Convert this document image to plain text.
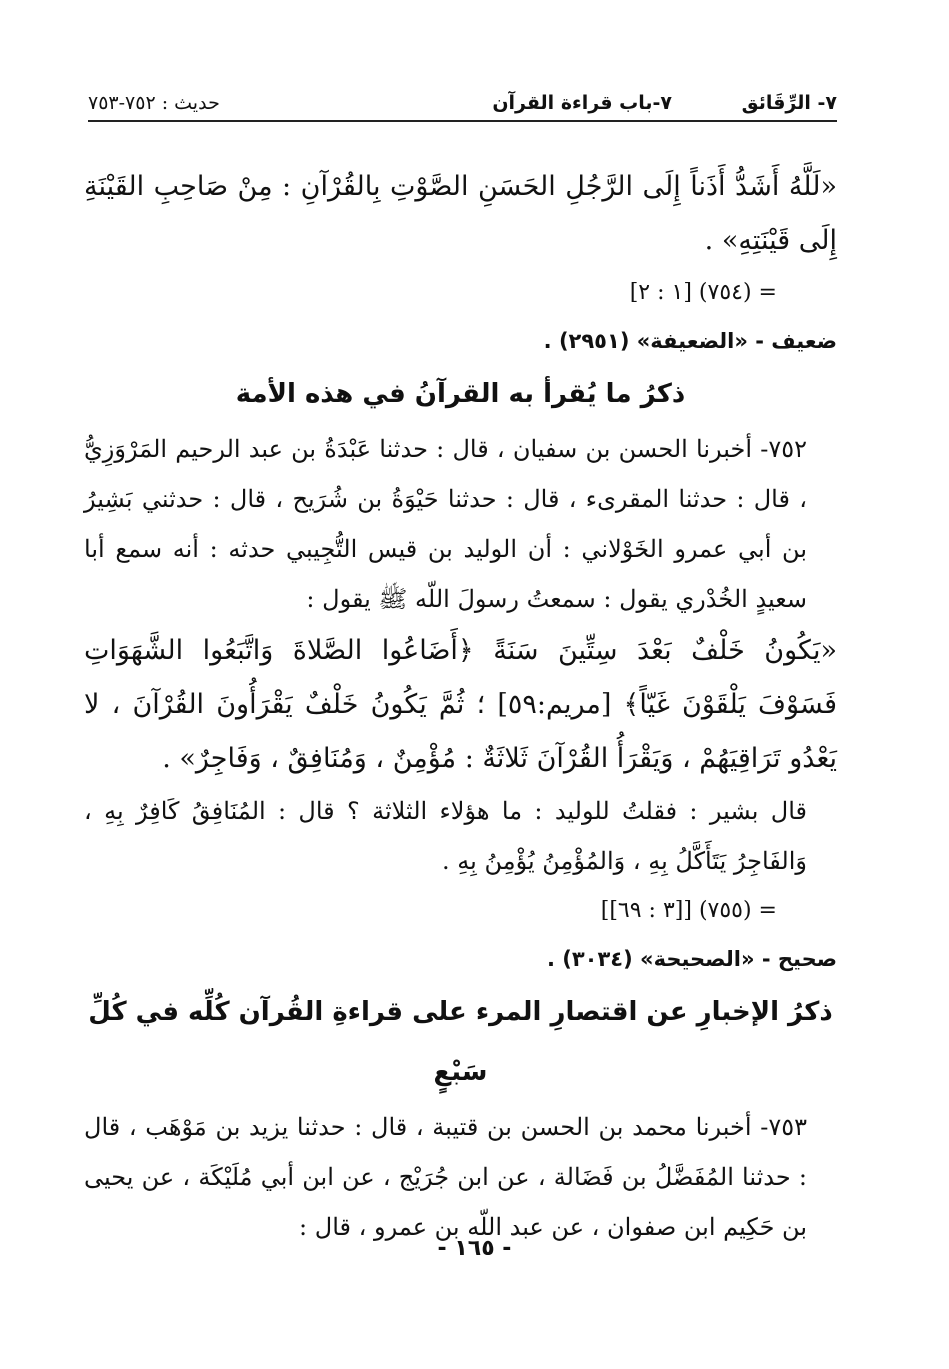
٧- الرِّقَائق
٧-باب قراءة القرآن
حديث : ٧٥٢-٧٥٣

«لَلَّهُ أَشَدُّ أَذَناً إِلَى الرَّجُلِ الحَسَنِ الصَّوْتِ بِالقُرْآنِ : مِنْ صَاحِبِ القَيْنَةِ إِلَى قَيْنَتِهِ» .

= (٧٥٤) [١ : ٢]

ضعيف - «الضعيفة» (٢٩٥١) .

ذكرُ ما يُقرأ به القرآنُ في هذه الأمة

٧٥٢- أخبرنا الحسن بن سفيان ، قال : حدثنا عَبْدَةُ بن عبد الرحيم المَرْوَزِيُّ ، قال : حدثنا المقرىء ، قال : حدثنا حَيْوَةُ بن شُرَيح ، قال : حدثني بَشِيرُ بن أبي عمرو الخَوْلاني : أن الوليد بن قيس التُّجِيبي حدثه : أنه سمع أبا سعيدٍ الخُدْري يقول : سمعتُ رسولَ اللّه ﷺ يقول :

«يَكُونُ خَلْفٌ بَعْدَ سِتِّينَ سَنَةً ﴿أَضَاعُوا الصَّلاةَ وَاتَّبَعُوا الشَّهَوَاتِ فَسَوْفَ يَلْقَوْنَ غَيّاً﴾ [مريم:٥٩] ؛ ثُمَّ يَكُونُ خَلْفٌ يَقْرَأُونَ القُرْآنَ ، لا يَعْدُو تَرَاقِيَهُمْ ، وَيَقْرَأُ القُرْآنَ ثَلاثَةٌ : مُؤْمِنٌ ، وَمُنَافِقٌ ، وَفَاجِرٌ» .

قال بشير : فقلتُ للوليد : ما هؤلاء الثلاثة ؟ قال : المُنَافِقُ كَافِرٌ بِهِ ، وَالفَاجِرُ يَتَأَكَّلُ بِهِ ، وَالمُؤْمِنُ يُؤْمِنُ بِهِ .

= (٧٥٥) [[٣ : ٦٩]]

صحيح - «الصحيحة» (٣٠٣٤) .

ذكرُ الإخبارِ عن اقتصارِ المرء على قراءةِ القُرآن كُلِّه في كُلِّ سَبْعٍ

٧٥٣- أخبرنا محمد بن الحسن بن قتيبة ، قال : حدثنا يزيد بن مَوْهَب ، قال : حدثنا المُفَضَّلُ بن فَضَالة ، عن ابن جُرَيْج ، عن ابن أبي مُلَيْكَة ، عن يحيى بن حَكِيم ابن صفوان ، عن عبد اللّه بن عمرو ، قال :

- ١٦٥ -
